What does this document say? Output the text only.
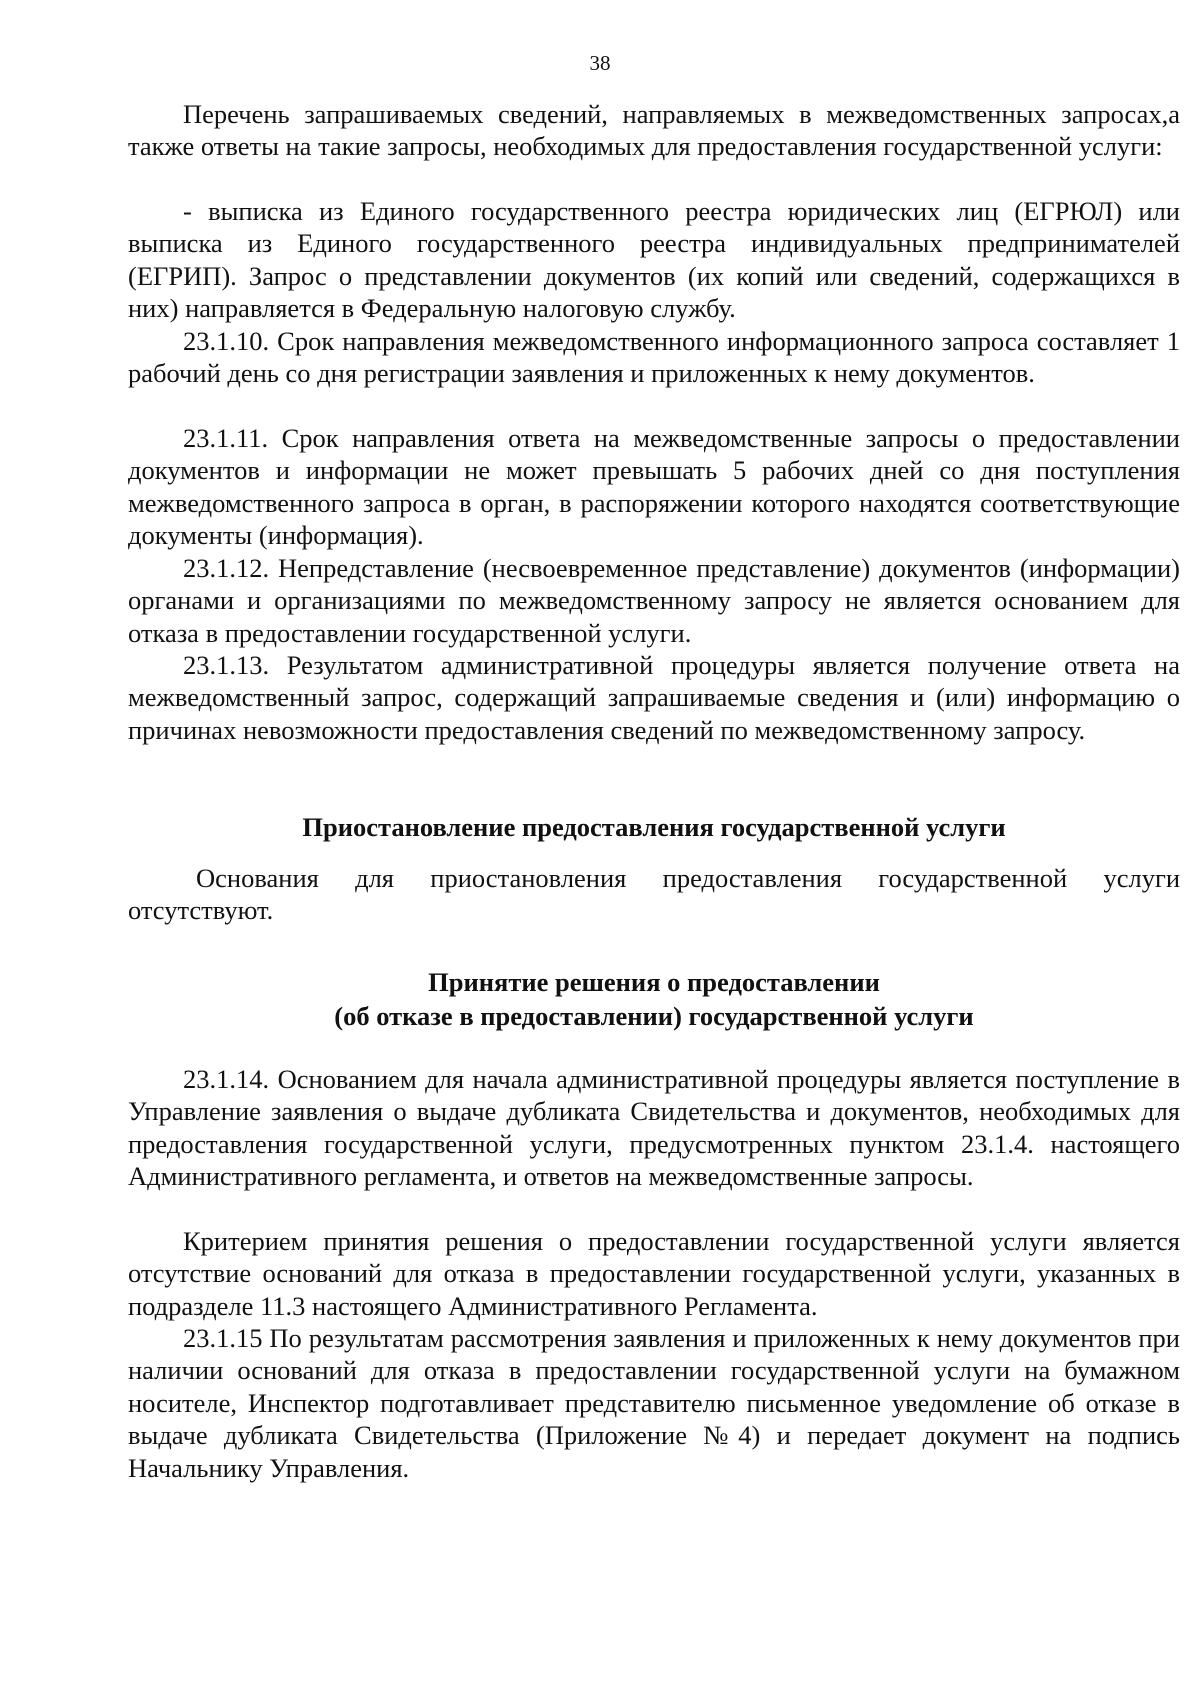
38

Перечень запрашиваемых сведений, направляемых в межведомственных запросах,а также ответы на такие запросы, необходимых для предоставления государственной услуги:

- выписка из Единого государственного реестра юридических лиц (ЕГРЮЛ) или выписка из Единого государственного реестра индивидуальных предпринимателей (ЕГРИП). Запрос о представлении документов (их копий или сведений, содержащихся в них) направляется в Федеральную налоговую службу.

23.1.10. Срок направления межведомственного информационного запроса составляет 1 рабочий день со дня регистрации заявления и приложенных к нему документов.

23.1.11. Срок направления ответа на межведомственные запросы о предоставлении документов и информации не может превышать 5 рабочих дней со дня поступления межведомственного запроса в орган, в распоряжении которого находятся соответствующие документы (информация).

23.1.12. Непредставление (несвоевременное представление) документов (информации) органами и организациями по межведомственному запросу не является основанием для отказа в предоставлении государственной услуги.

23.1.13. Результатом административной процедуры является получение ответа на межведомственный запрос, содержащий запрашиваемые сведения и (или) информацию о причинах невозможности предоставления сведений по межведомственному запросу.

Приостановление предоставления государственной услуги

Основания для приостановления предоставления государственной услуги отсутствуют.

Принятие решения о предоставлении
(об отказе в предоставлении) государственной услуги

23.1.14. Основанием для начала административной процедуры является поступление в Управление заявления о выдаче дубликата Свидетельства и документов, необходимых для предоставления государственной услуги, предусмотренных пунктом 23.1.4. настоящего Административного регламента, и ответов на межведомственные запросы.

Критерием принятия решения о предоставлении государственной услуги является отсутствие оснований для отказа в предоставлении государственной услуги, указанных в подразделе 11.3 настоящего Административного Регламента.

23.1.15 По результатам рассмотрения заявления и приложенных к нему документов при наличии оснований для отказа в предоставлении государственной услуги на бумажном носителе, Инспектор подготавливает представителю письменное уведомление об отказе в выдаче дубликата Свидетельства (Приложение №4) и передает документ на подпись Начальнику Управления.
